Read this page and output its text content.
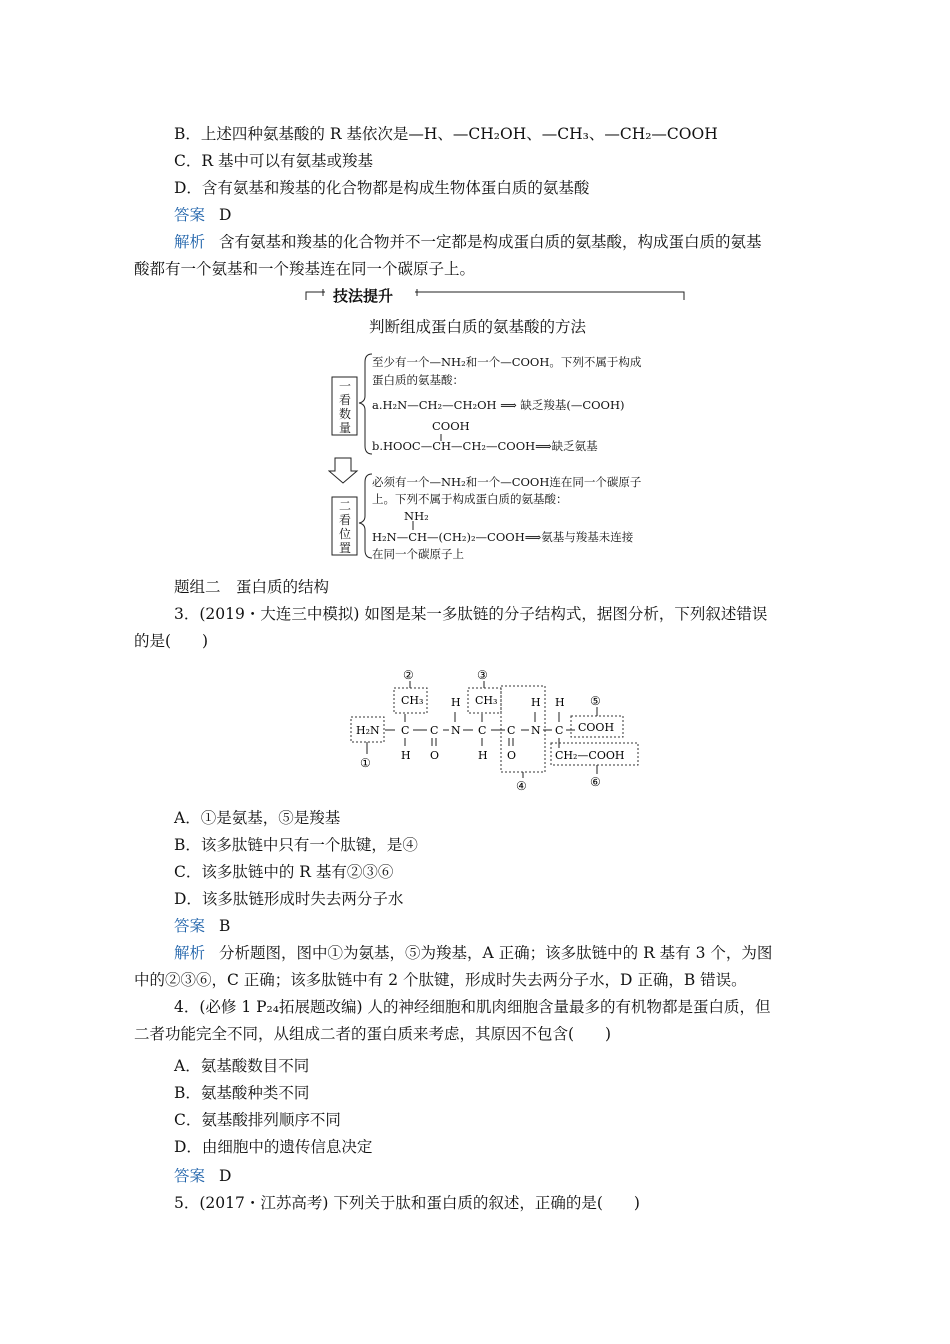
B．上述四种氨基酸的 R 基依次是—H、—CH₂OH、—CH₃、—CH₂—COOH
C．R 基中可以有氨基或羧基
D．含有氨基和羧基的化合物都是构成生物体蛋白质的氨基酸
答案 D
解析 含有氨基和羧基的化合物并不一定都是构成蛋白质的氨基酸，构成蛋白质的氨基
酸都有一个氨基和一个羧基连在同一个碳原子上。
技法提升
判断组成蛋白质的氨基酸的方法
一看数量
二看位置
至少有一个—NH₂和一个—COOH。下列不属于构成
蛋白质的氨基酸：
a.H₂N—CH₂—CH₂OH ⟹ 缺乏羧基(—COOH)
COOH
b.HOOC—CH—CH₂—COOH⟹缺乏氨基
必须有一个—NH₂和一个—COOH连在同一个碳原子
上。下列不属于构成蛋白质的氨基酸：
NH₂
H₂N—CH—(CH₂)₂—COOH⟹氨基与羧基未连接
在同一个碳原子上
题组二　蛋白质的结构
3．(2019・大连三中模拟) 如图是某一多肽链的分子结构式，据图分析，下列叙述错误
的是(　　)
①
②	③
④
⑤
⑥
H₂N
CH₃
C
H
C
O
H
N
CH₃
C
H
C
O
H
N
H
C COOH
CH₂—COOH
A．①是氨基，⑤是羧基
B．该多肽链中只有一个肽键，是④
C．该多肽链中的 R 基有②③⑥
D．该多肽链形成时失去两分子水
答案 B
解析 分析题图，图中①为氨基，⑤为羧基，A 正确；该多肽链中的 R 基有 3 个，为图
中的②③⑥，C 正确；该多肽链中有 2 个肽键，形成时失去两分子水，D 正确，B 错误。
4．(必修 1 P₂₄拓展题改编) 人的神经细胞和肌肉细胞含量最多的有机物都是蛋白质，但
二者功能完全不同，从组成二者的蛋白质来考虑，其原因不包含(　　)
A．氨基酸数目不同
B．氨基酸种类不同
C．氨基酸排列顺序不同
D．由细胞中的遗传信息决定
答案 D
5．(2017・江苏高考) 下列关于肽和蛋白质的叙述，正确的是(　　)
